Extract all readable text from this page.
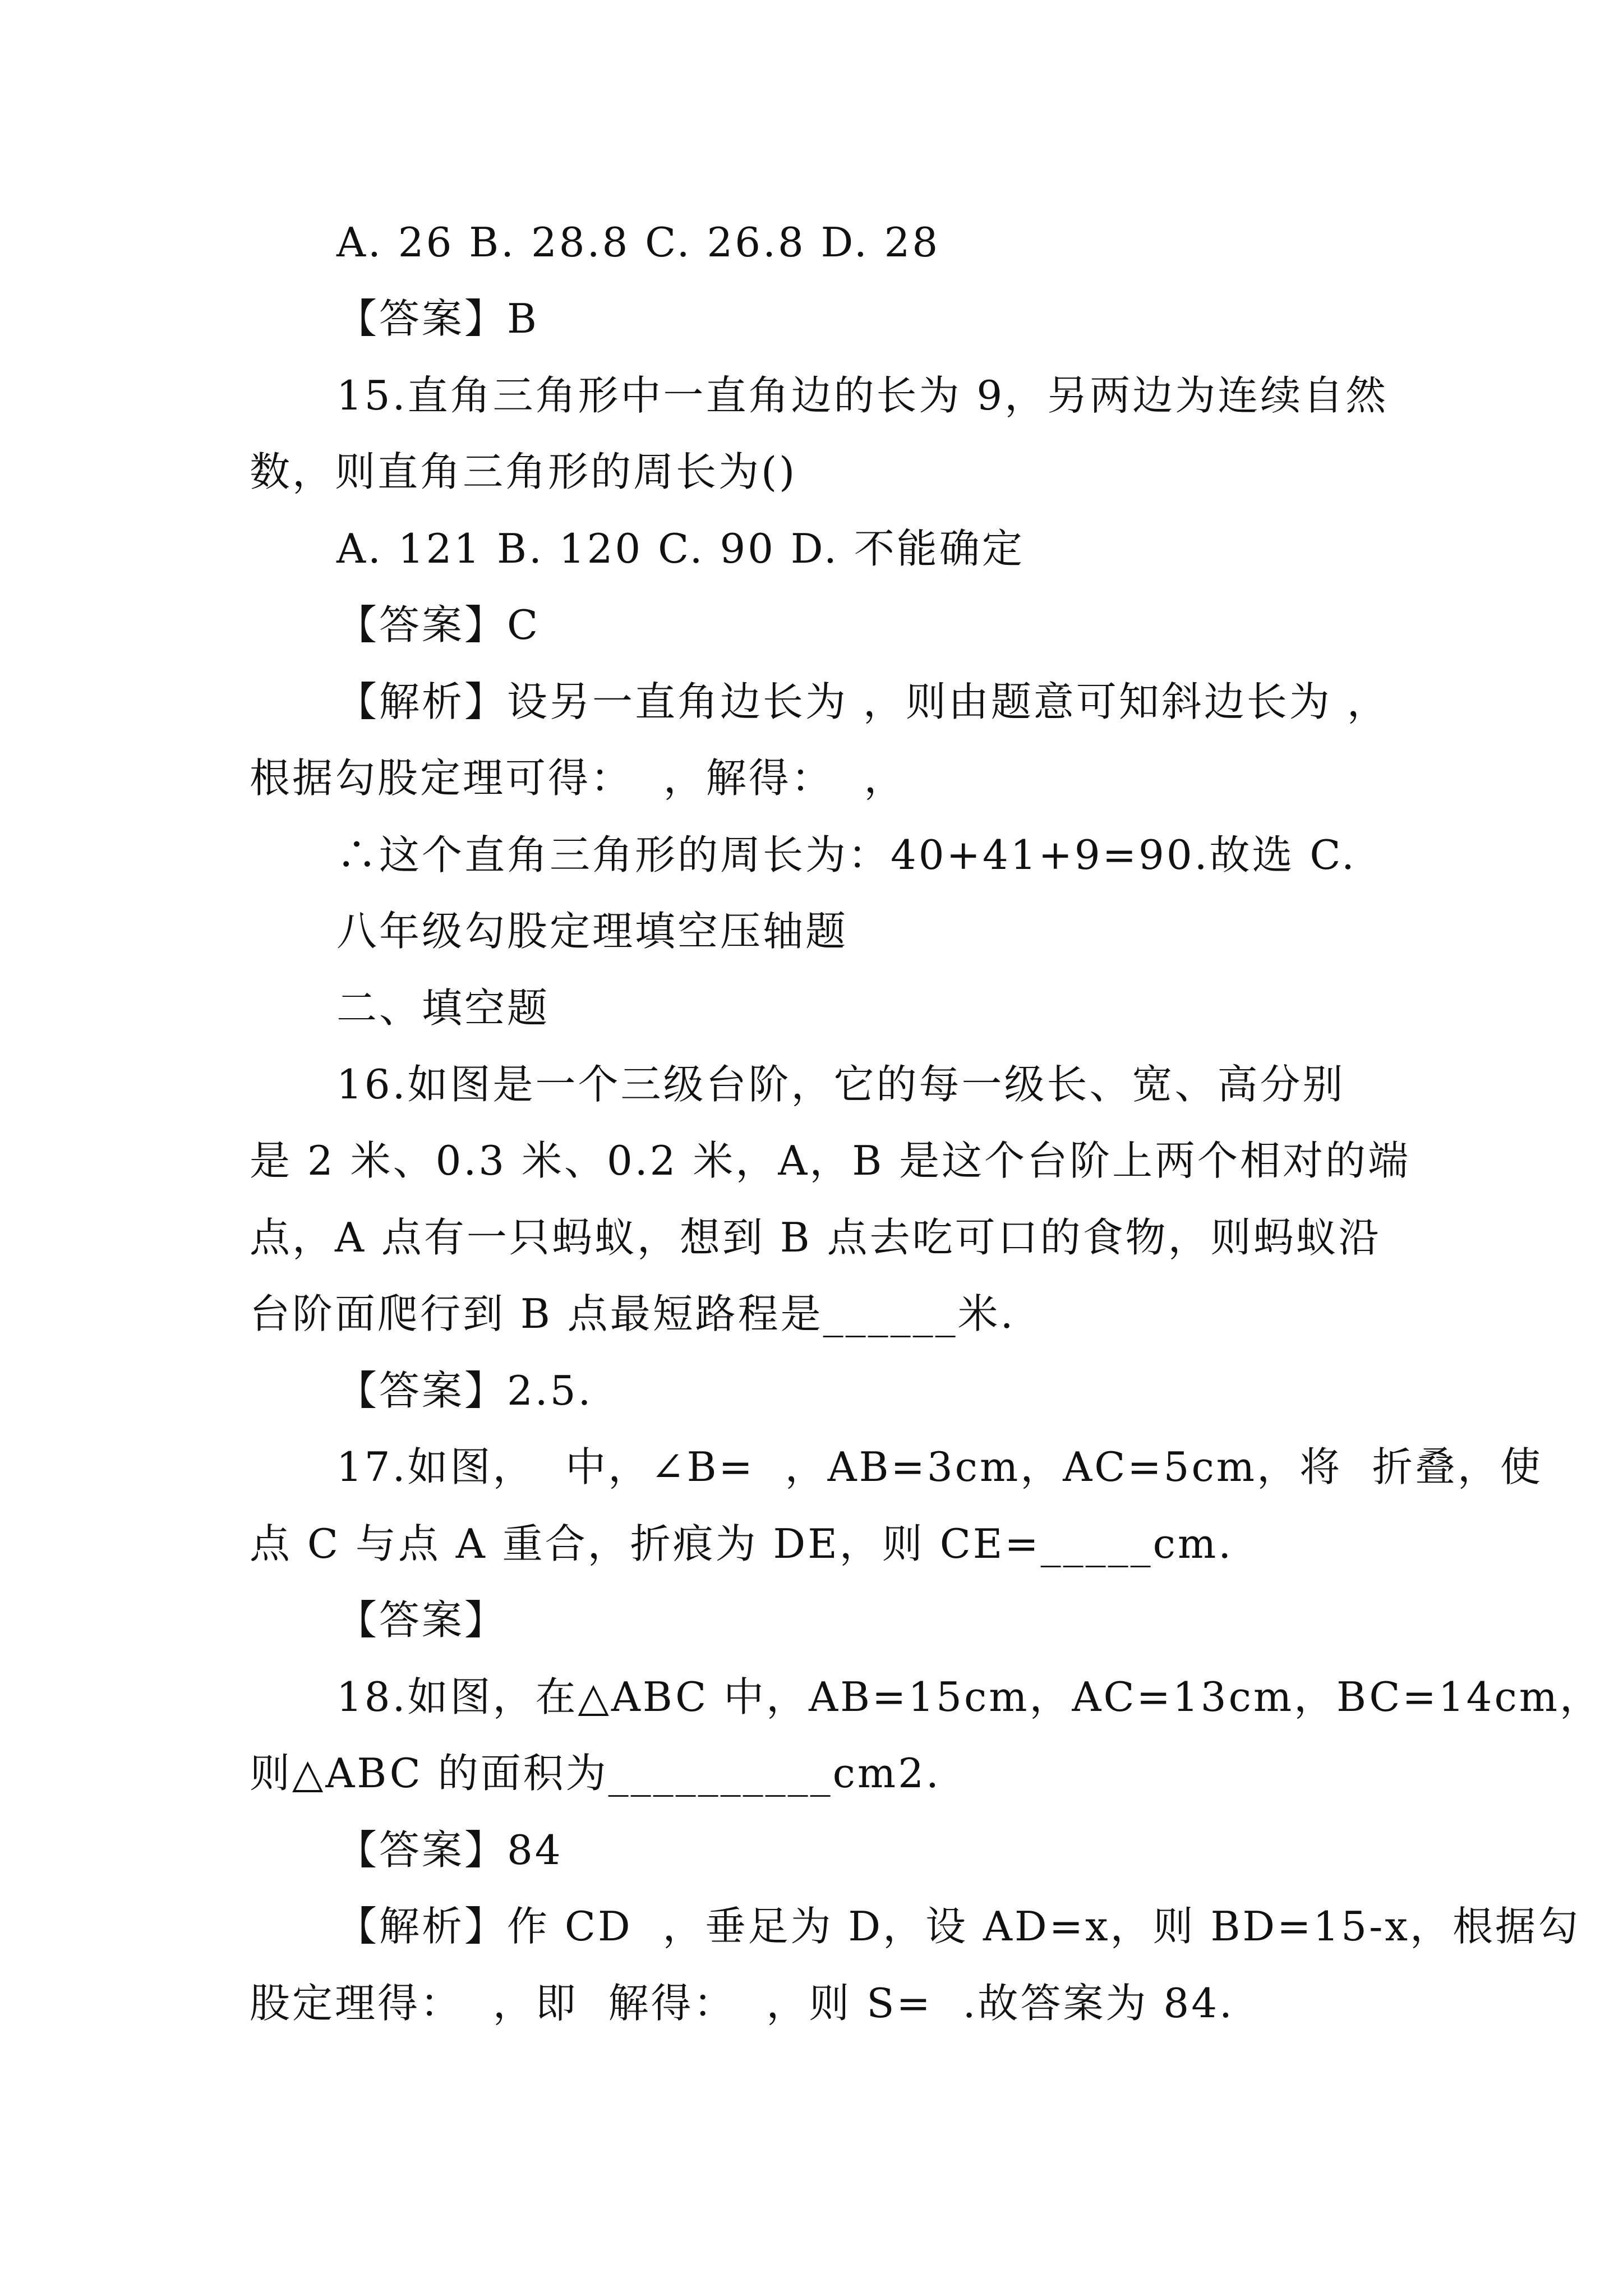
A. 26 B. 28.8 C. 26.8 D. 28

【答案】B

15.直角三角形中一直角边的长为 9，另两边为连续自然

数，则直角三角形的周长为()

A. 121 B. 120 C. 90 D. 不能确定

【答案】C

【解析】设另一直角边长为 ，则由题意可知斜边长为 ，

根据勾股定理可得：  ，解得：  ，

∴这个直角三角形的周长为：40+41+9=90.故选 C.

八年级勾股定理填空压轴题

二、填空题

16.如图是一个三级台阶，它的每一级长、宽、高分别

是 2 米、0.3 米、0.2 米，A，B 是这个台阶上两个相对的端

点，A 点有一只蚂蚁，想到 B 点去吃可口的食物，则蚂蚁沿

台阶面爬行到 B 点最短路程是______米.

【答案】2.5.

17.如图，  中，∠B=  ，AB=3cm，AC=5cm，将  折叠，使

点 C 与点 A 重合，折痕为 DE，则 CE=_____cm.

【答案】

18.如图，在△ABC 中，AB=15cm，AC=13cm，BC=14cm，

则△ABC 的面积为__________cm2.

【答案】84

【解析】作 CD  ，垂足为 D，设 AD=x，则 BD=15-x，根据勾

股定理得：  ，即  解得：  ，则 S=  .故答案为 84.
